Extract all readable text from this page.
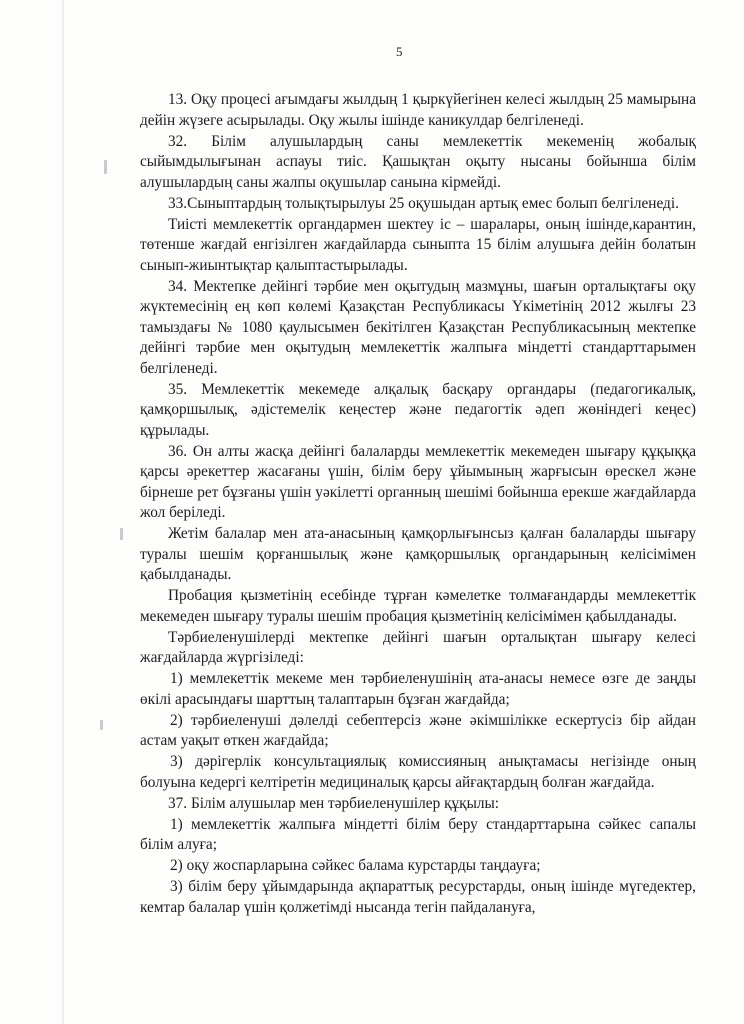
5

13. Оқу процесі ағымдағы жылдың 1 қыркүйегінен келесі жылдың 25 мамырына дейін жүзеге асырылады. Оқу жылы ішінде каникулдар белгіленеді.

32. Білім алушылардың саны мемлекеттік мекеменің жобалық сыйымдылығынан аспауы тиіс. Қашықтан оқыту нысаны бойынша білім алушылардың саны жалпы оқушылар санына кірмейді.

33.Сыныптардың толықтырылуы 25 оқушыдан артық емес болып белгіленеді.

Тиісті мемлекеттік органдармен шектеу іс – шаралары, оның ішінде,карантин, төтенше жағдай енгізілген жағдайларда сыныпта 15 білім алушыға дейін болатын сынып-жиынтықтар қалыптастырылады.

34. Мектепке дейінгі тәрбие мен оқытудың мазмұны, шағын орталықтағы оқу жүктемесінің ең көп көлемі Қазақстан Республикасы Үкіметінің 2012 жылғы 23 тамыздағы № 1080 қаулысымен бекітілген Қазақстан Республикасының мектепке дейінгі тәрбие мен оқытудың мемлекеттік жалпыға міндетті стандарттарымен белгіленеді.

35. Мемлекеттік мекемеде алқалық басқару органдары (педагогикалық, қамқоршылық, әдістемелік кеңестер және педагогтік әдеп жөніндегі кеңес) құрылады.

36. Он алты жасқа дейінгі балаларды мемлекеттік мекемеден шығару құқыққа қарсы әрекеттер жасағаны үшін, білім беру ұйымының жарғысын өрескел және бірнеше рет бұзғаны үшін уәкілетті органның шешімі бойынша ерекше жағдайларда жол беріледі.

Жетім балалар мен ата-анасының қамқорлығынсыз қалған балаларды шығару туралы шешім қорғаншылық және қамқоршылық органдарының келісімімен қабылданады.

Пробация қызметінің есебінде тұрған кәмелетке толмағандарды мемлекеттік мекемеден шығару туралы шешім пробация қызметінің келісімімен қабылданады.

Тәрбиеленушілерді мектепке дейінгі шағын орталықтан шығару келесі жағдайларда жүргізіледі:

1) мемлекеттік мекеме мен тәрбиеленушінің ата-анасы немесе өзге де заңды өкілі арасындағы шарттың талаптарын бұзған жағдайда;

2) тәрбиеленуші дәлелді себептерсіз және әкімшілікке ескертусіз бір айдан астам уақыт өткен жағдайда;

3) дәрігерлік консультациялық комиссияның анықтамасы негізінде оның болуына кедергі келтіретін медициналық қарсы айғақтардың болған жағдайда.

37. Білім алушылар мен тәрбиеленушілер құқылы:

1) мемлекеттік жалпыға міндетті білім беру стандарттарына сәйкес сапалы білім алуға;

2) оқу жоспарларына сәйкес балама курстарды таңдауға;

3) білім беру ұйымдарында ақпараттық ресурстарды, оның ішінде мүгедектер, кемтар балалар үшін қолжетімді нысанда тегін пайдалануға,
